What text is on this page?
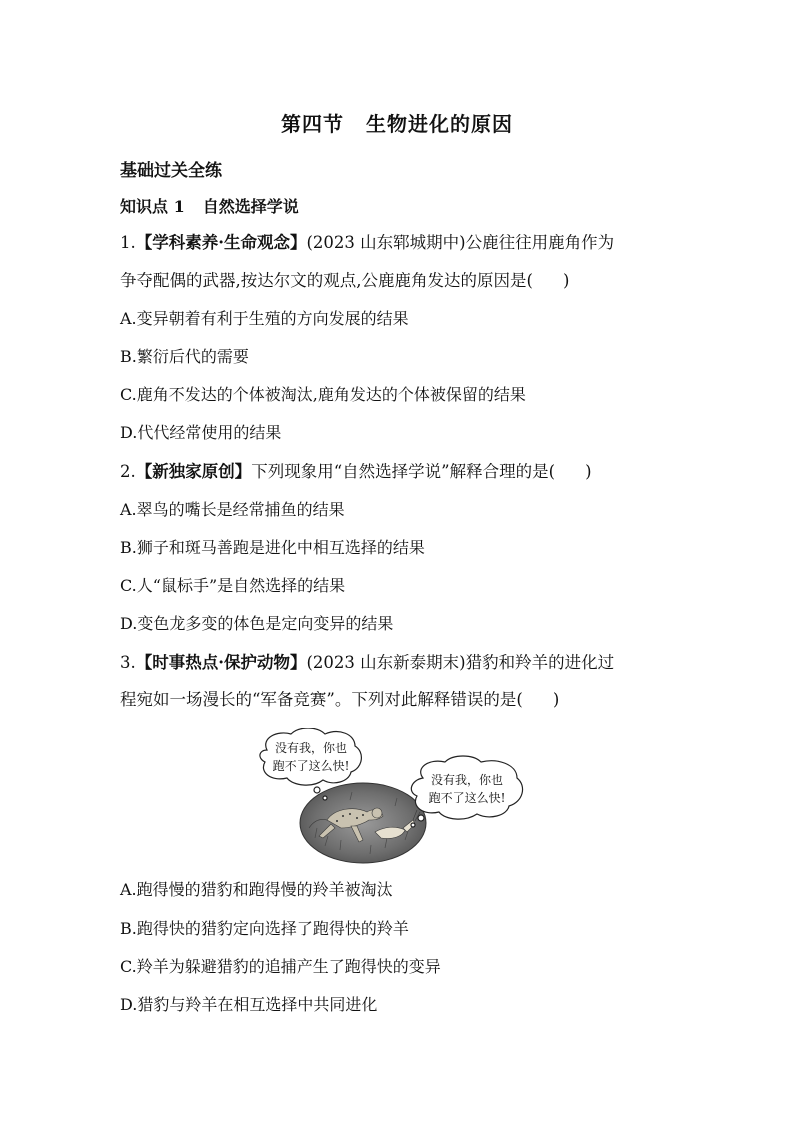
第四节 生物进化的原因
基础过关全练
知识点 1 自然选择学说
1.【学科素养·生命观念】(2023 山东郓城期中)公鹿往往用鹿角作为
争夺配偶的武器,按达尔文的观点,公鹿鹿角发达的原因是( )
A.变异朝着有利于生殖的方向发展的结果
B.繁衍后代的需要
C.鹿角不发达的个体被淘汰,鹿角发达的个体被保留的结果
D.代代经常使用的结果
2.【新独家原创】下列现象用“自然选择学说”解释合理的是( )
A.翠鸟的嘴长是经常捕鱼的结果
B.狮子和斑马善跑是进化中相互选择的结果
C.人“鼠标手”是自然选择的结果
D.变色龙多变的体色是定向变异的结果
3.【时事热点·保护动物】(2023 山东新泰期末)猎豹和羚羊的进化过
程宛如一场漫长的“军备竞赛”。下列对此解释错误的是( )
没有我，你也
跑不了这么快!
没有我，你也
跑不了这么快!
A.跑得慢的猎豹和跑得慢的羚羊被淘汰
B.跑得快的猎豹定向选择了跑得快的羚羊
C.羚羊为躲避猎豹的追捕产生了跑得快的变异
D.猎豹与羚羊在相互选择中共同进化
